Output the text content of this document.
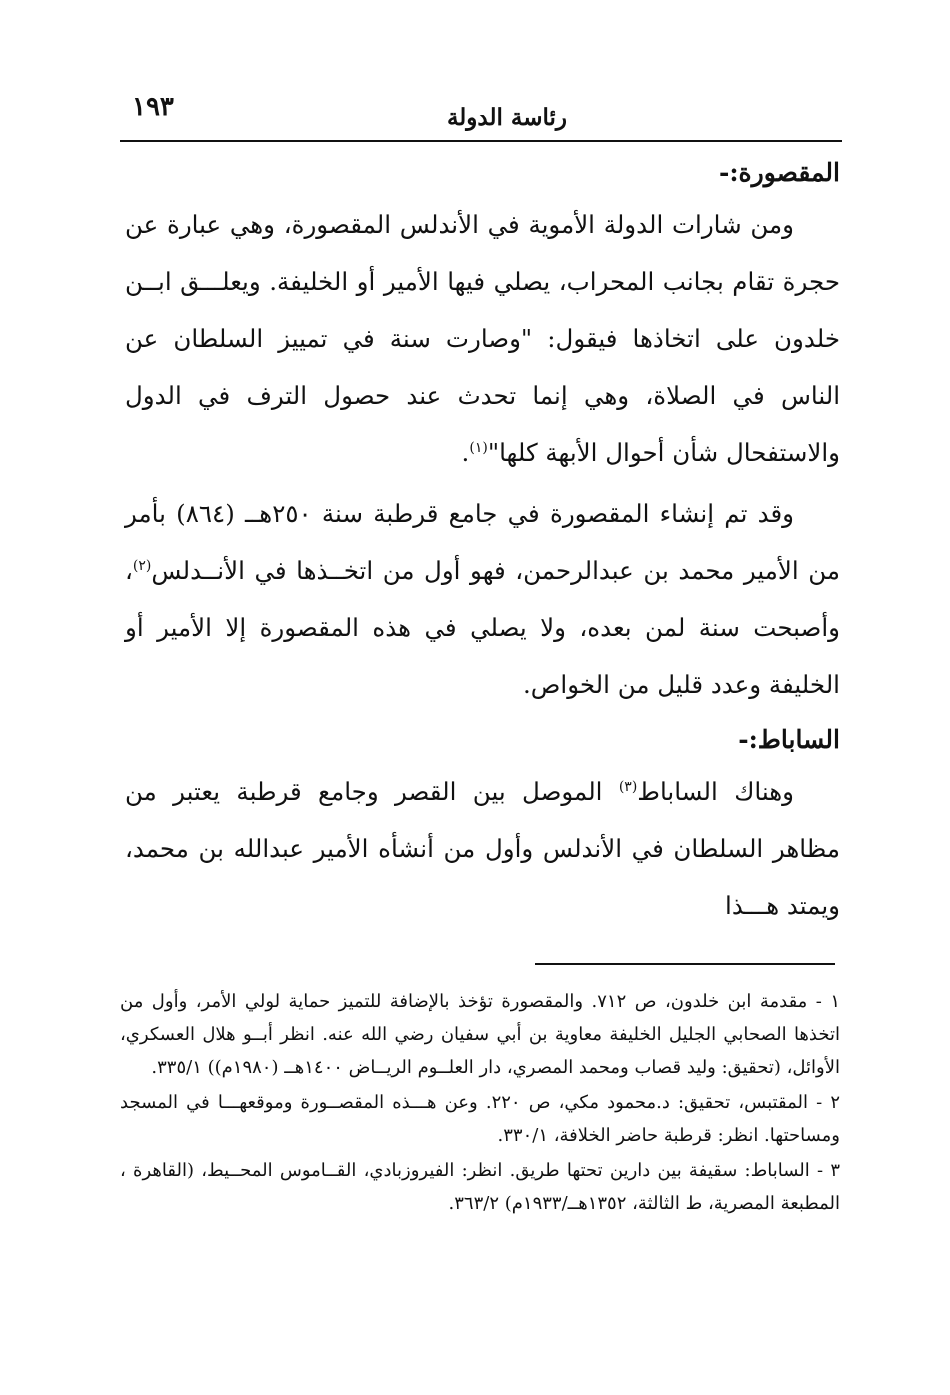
١٩٣	رئاسة الدولة

المقصورة:-

ومن شارات الدولة الأموية في الأندلس المقصورة، وهي عبارة عن حجرة تقام بجانب المحراب، يصلي فيها الأمير أو الخليفة. ويعلـــق ابــن خلدون على اتخاذها فيقول: "وصارت سنة في تمييز السلطان عن الناس في الصلاة، وهي إنما تحدث عند حصول الترف في الدول والاستفحال شأن أحوال الأبهة كلها"$^{(١)}$.

وقد تم إنشاء المقصورة في جامع قرطبة سنة ٢٥٠هــ (٨٦٤) بأمر من الأمير محمد بن عبدالرحمن، فهو أول من اتخــذها في الأنــدلس$^{(٢)}$، وأصبحت سنة لمن بعده، ولا يصلي في هذه المقصورة إلا الأمير أو الخليفة وعدد قليل من الخواص.

الساباط:-

وهناك الساباط$^{(٣)}$ الموصل بين القصر وجامع قرطبة يعتبر من مظاهر السلطان في الأندلس وأول من أنشأه الأمير عبدالله بن محمد، ويمتد هـــذا

١ - مقدمة ابن خلدون، ص ٧١٢. والمقصورة تؤخذ بالإضافة للتميز حماية لولي الأمر، وأول من اتخذها الصحابي الجليل الخليفة معاوية بن أبي سفيان رضي الله عنه. انظر أبــو هلال العسكري، الأوائل، (تحقيق: وليد قصاب ومحمد المصري، دار العلــوم الريــاض ١٤٠٠هــ (١٩٨٠م)) ٣٣٥/١.

٢ - المقتبس، تحقيق: د.محمود مكي، ص ٢٢٠. وعن هـــذه المقصــورة وموقعهـــا في المسجد ومساحتها. انظر: قرطبة حاضر الخلافة، ٣٣٠/١.

٣ - الساباط: سقيفة بين دارين تحتها طريق. انظر: الفيروزبادي، القــاموس المحــيط، (القاهرة ، المطبعة المصرية، ط الثالثة، ١٣٥٢هــ/١٩٣٣م) ٣٦٣/٢.
